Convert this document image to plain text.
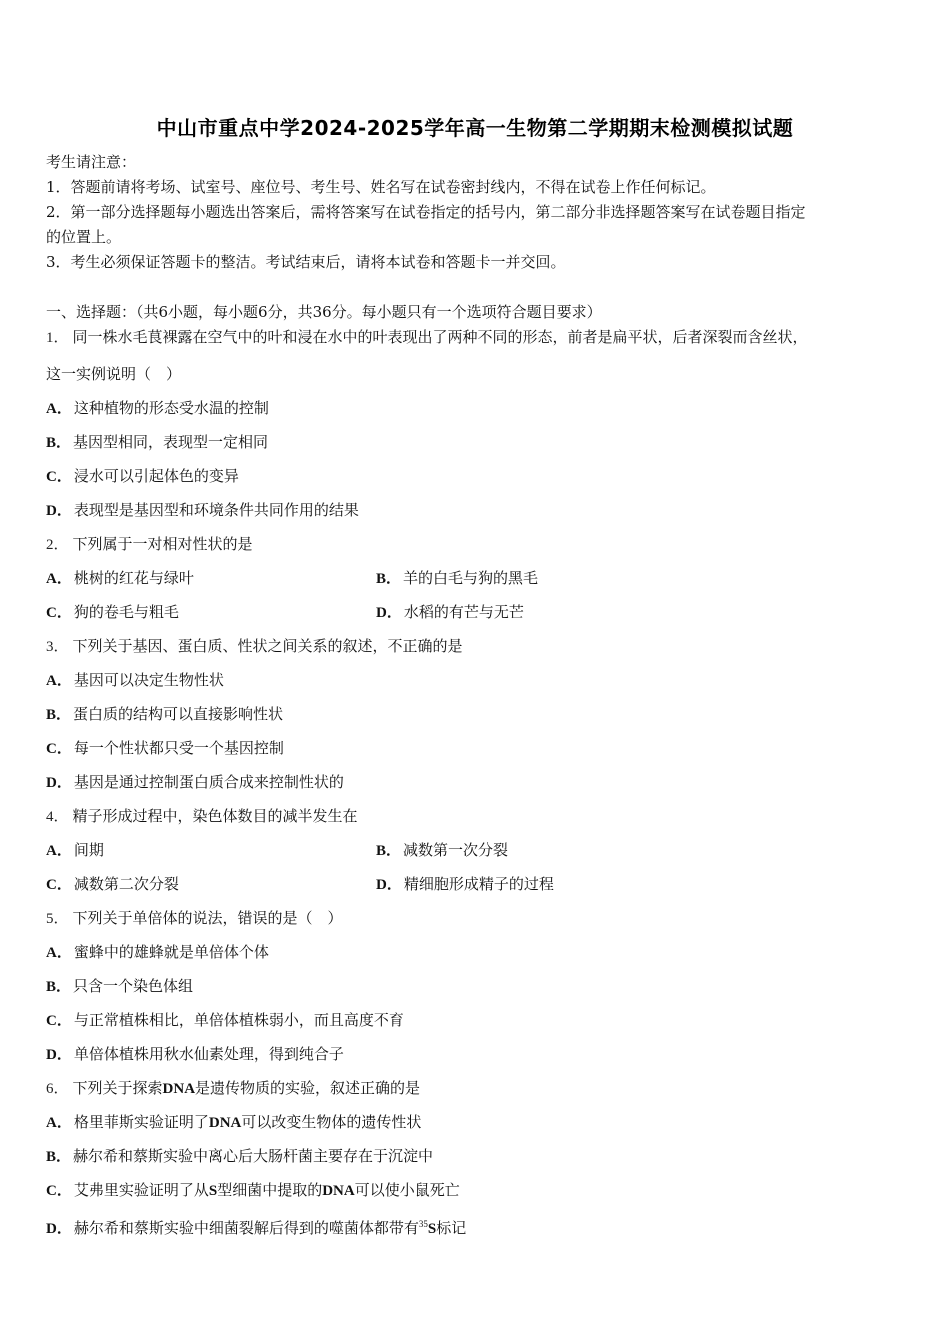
中山市重点中学2024-2025学年高一生物第二学期期末检测模拟试题
考生请注意：
1．答题前请将考场、试室号、座位号、考生号、姓名写在试卷密封线内，不得在试卷上作任何标记。
2．第一部分选择题每小题选出答案后，需将答案写在试卷指定的括号内，第二部分非选择题答案写在试卷题目指定
的位置上。
3．考生必须保证答题卡的整洁。考试结束后，请将本试卷和答题卡一并交回。
一、选择题：（共6小题，每小题6分，共36分。每小题只有一个选项符合题目要求）
1． 同一株水毛茛裸露在空气中的叶和浸在水中的叶表现出了两种不同的形态，前者是扁平状，后者深裂而含丝状，
这一实例说明（　）
A． 这种植物的形态受水温的控制
B． 基因型相同，表现型一定相同
C． 浸水可以引起体色的变异
D． 表现型是基因型和环境条件共同作用的结果
2． 下列属于一对相对性状的是
A． 桃树的红花与绿叶	B． 羊的白毛与狗的黑毛
C． 狗的卷毛与粗毛	D． 水稻的有芒与无芒
3． 下列关于基因、蛋白质、性状之间关系的叙述，不正确的是
A． 基因可以决定生物性状
B． 蛋白质的结构可以直接影响性状
C． 每一个性状都只受一个基因控制
D． 基因是通过控制蛋白质合成来控制性状的
4． 精子形成过程中，染色体数目的减半发生在
A． 间期	B． 减数第一次分裂
C． 减数第二次分裂	D． 精细胞形成精子的过程
5． 下列关于单倍体的说法，错误的是（　）
A． 蜜蜂中的雄蜂就是单倍体个体
B． 只含一个染色体组
C． 与正常植株相比，单倍体植株弱小，而且高度不育
D． 单倍体植株用秋水仙素处理，得到纯合子
6． 下列关于探索DNA是遗传物质的实验，叙述正确的是
A． 格里菲斯实验证明了DNA可以改变生物体的遗传性状
B． 赫尔希和蔡斯实验中离心后大肠杆菌主要存在于沉淀中
C． 艾弗里实验证明了从S型细菌中提取的DNA可以使小鼠死亡
D． 赫尔希和蔡斯实验中细菌裂解后得到的噬菌体都带有$^{35}$S标记
